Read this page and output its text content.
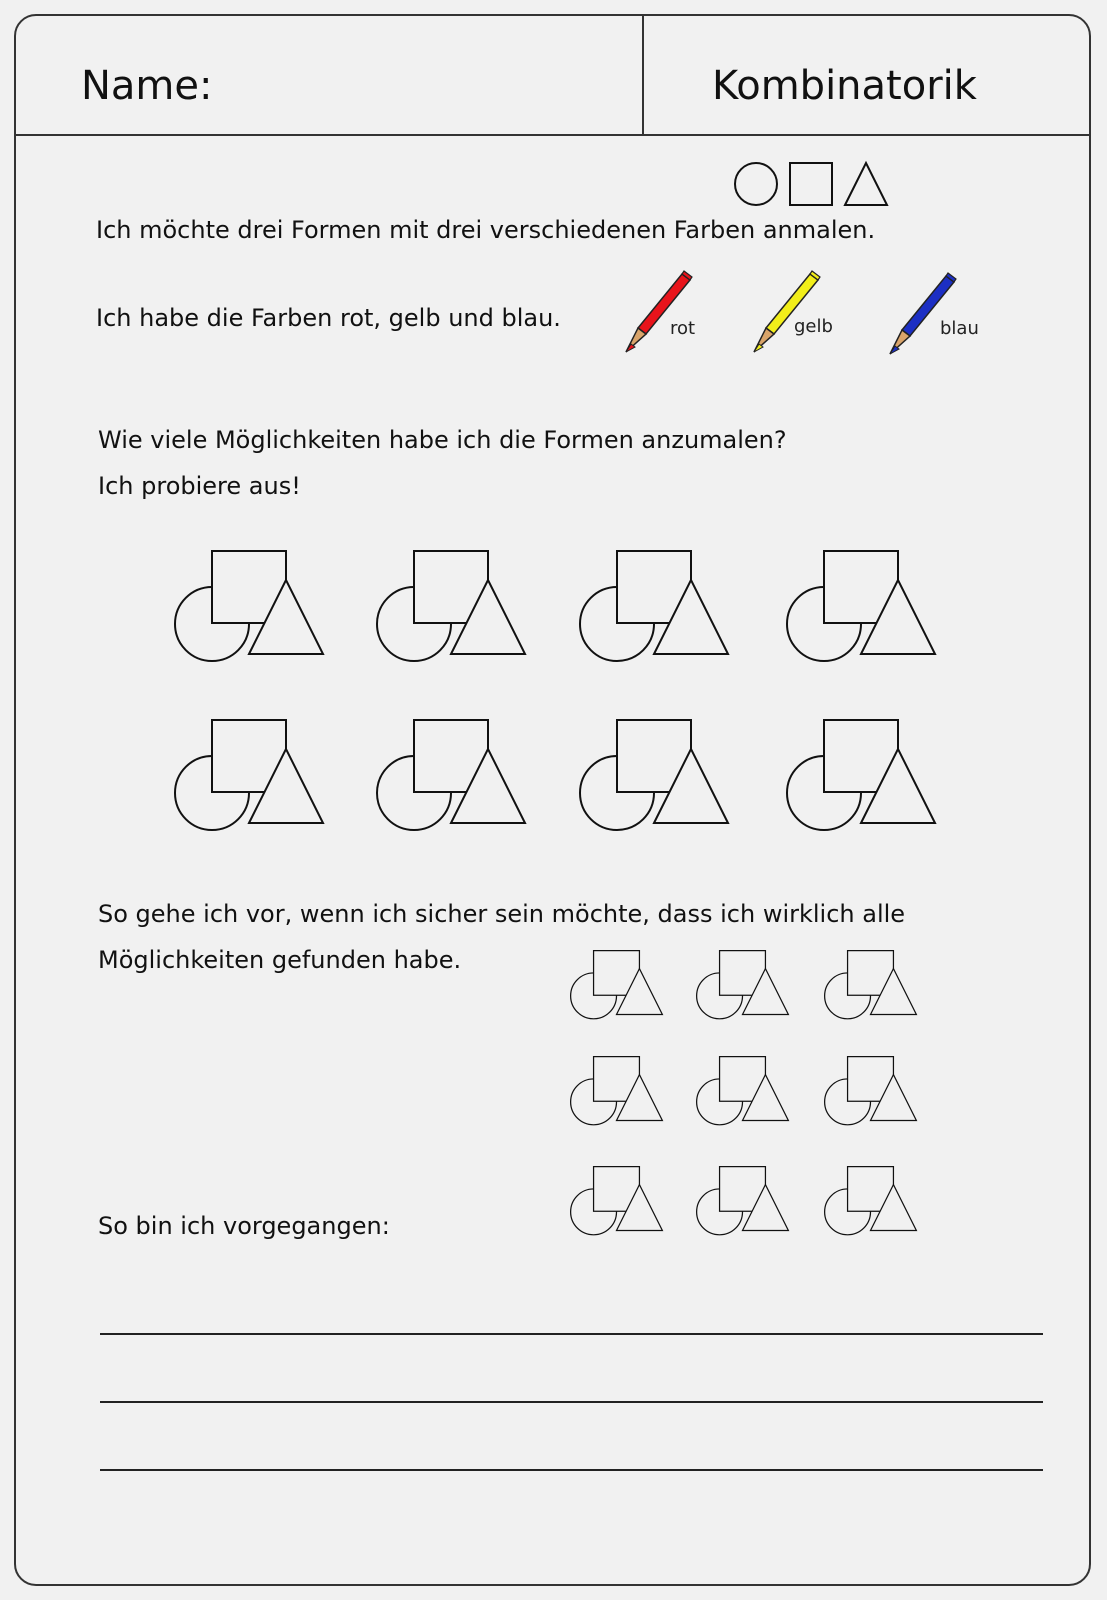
Name:	Kombinatorik
Ich möchte drei Formen mit drei verschiedenen Farben anmalen.
Ich habe die Farben rot, gelb und blau.	rot	gelb	blau
Wie viele Möglichkeiten habe ich die Formen anzumalen?
Ich probiere aus!
So gehe ich vor, wenn ich sicher sein möchte, dass ich wirklich alle
Möglichkeiten gefunden habe.
So bin ich vorgegangen:
